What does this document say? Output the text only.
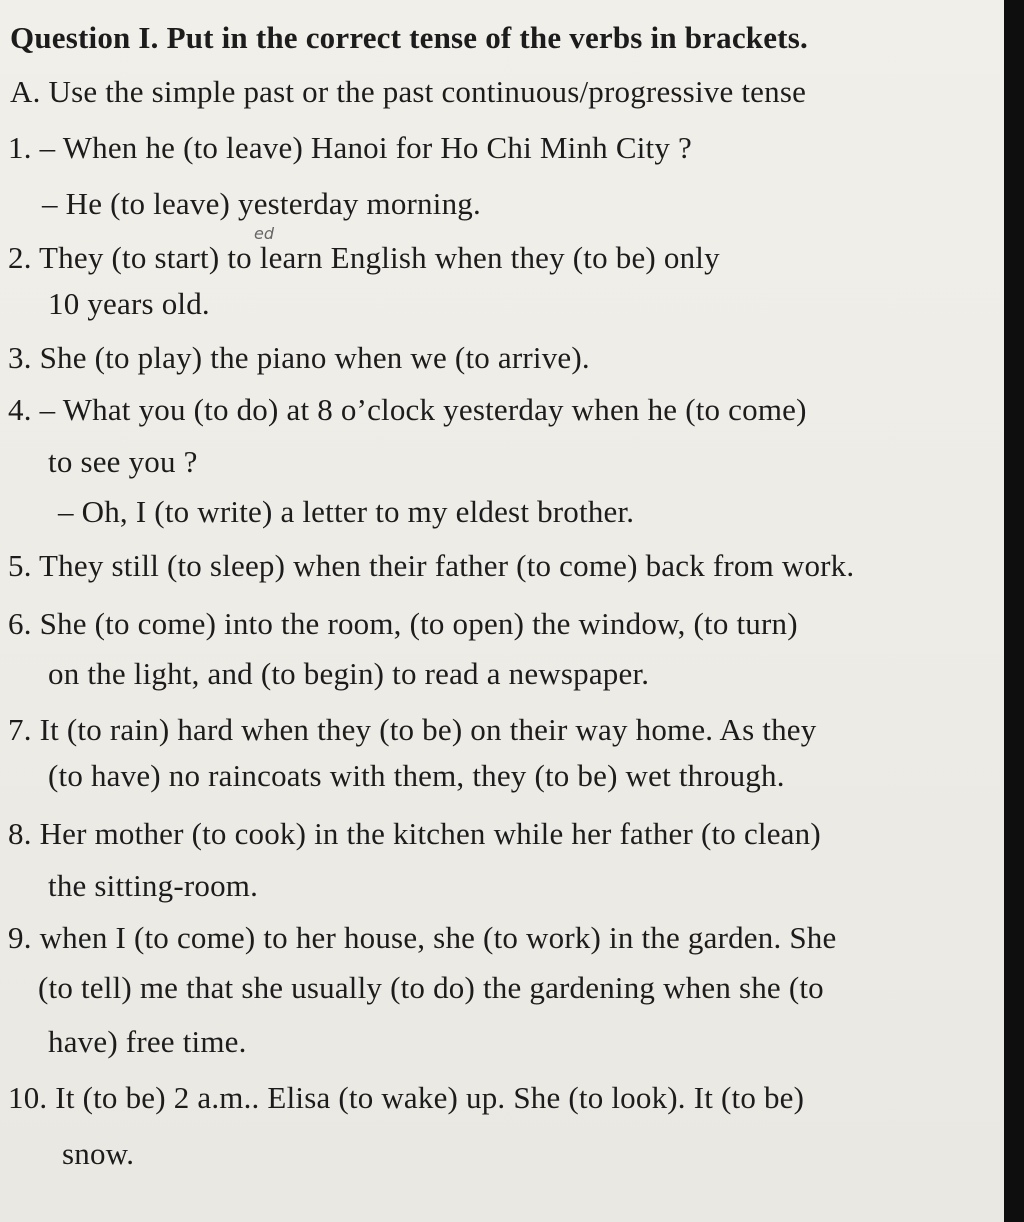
Question I. Put in the correct tense of the verbs in brackets.
A. Use the simple past or the past continuous/progressive tense
1. – When he (to leave) Hanoi for Ho Chi Minh City ?
– He (to leave) yesterday morning.
ed
2. They (to start) to learn English when they (to be) only
10 years old.
3. She (to play) the piano when we (to arrive).
4. – What you (to do) at 8 o’clock yesterday when he (to come)
to see you ?
– Oh, I (to write) a letter to my eldest brother.
5. They still (to sleep) when their father (to come) back from work.
6. She (to come) into the room, (to open) the window, (to turn)
on the light, and (to begin) to read a newspaper.
7. It (to rain) hard when they (to be) on their way home. As they
(to have) no raincoats with them, they (to be) wet through.
8. Her mother (to cook) in the kitchen while her father (to clean)
the sitting-room.
9. when I (to come) to her house, she (to work) in the garden. She
(to tell) me that she usually (to do) the gardening when she (to
have) free time.
10. It (to be) 2 a.m.. Elisa (to wake) up. She (to look). It (to be)
snow.
